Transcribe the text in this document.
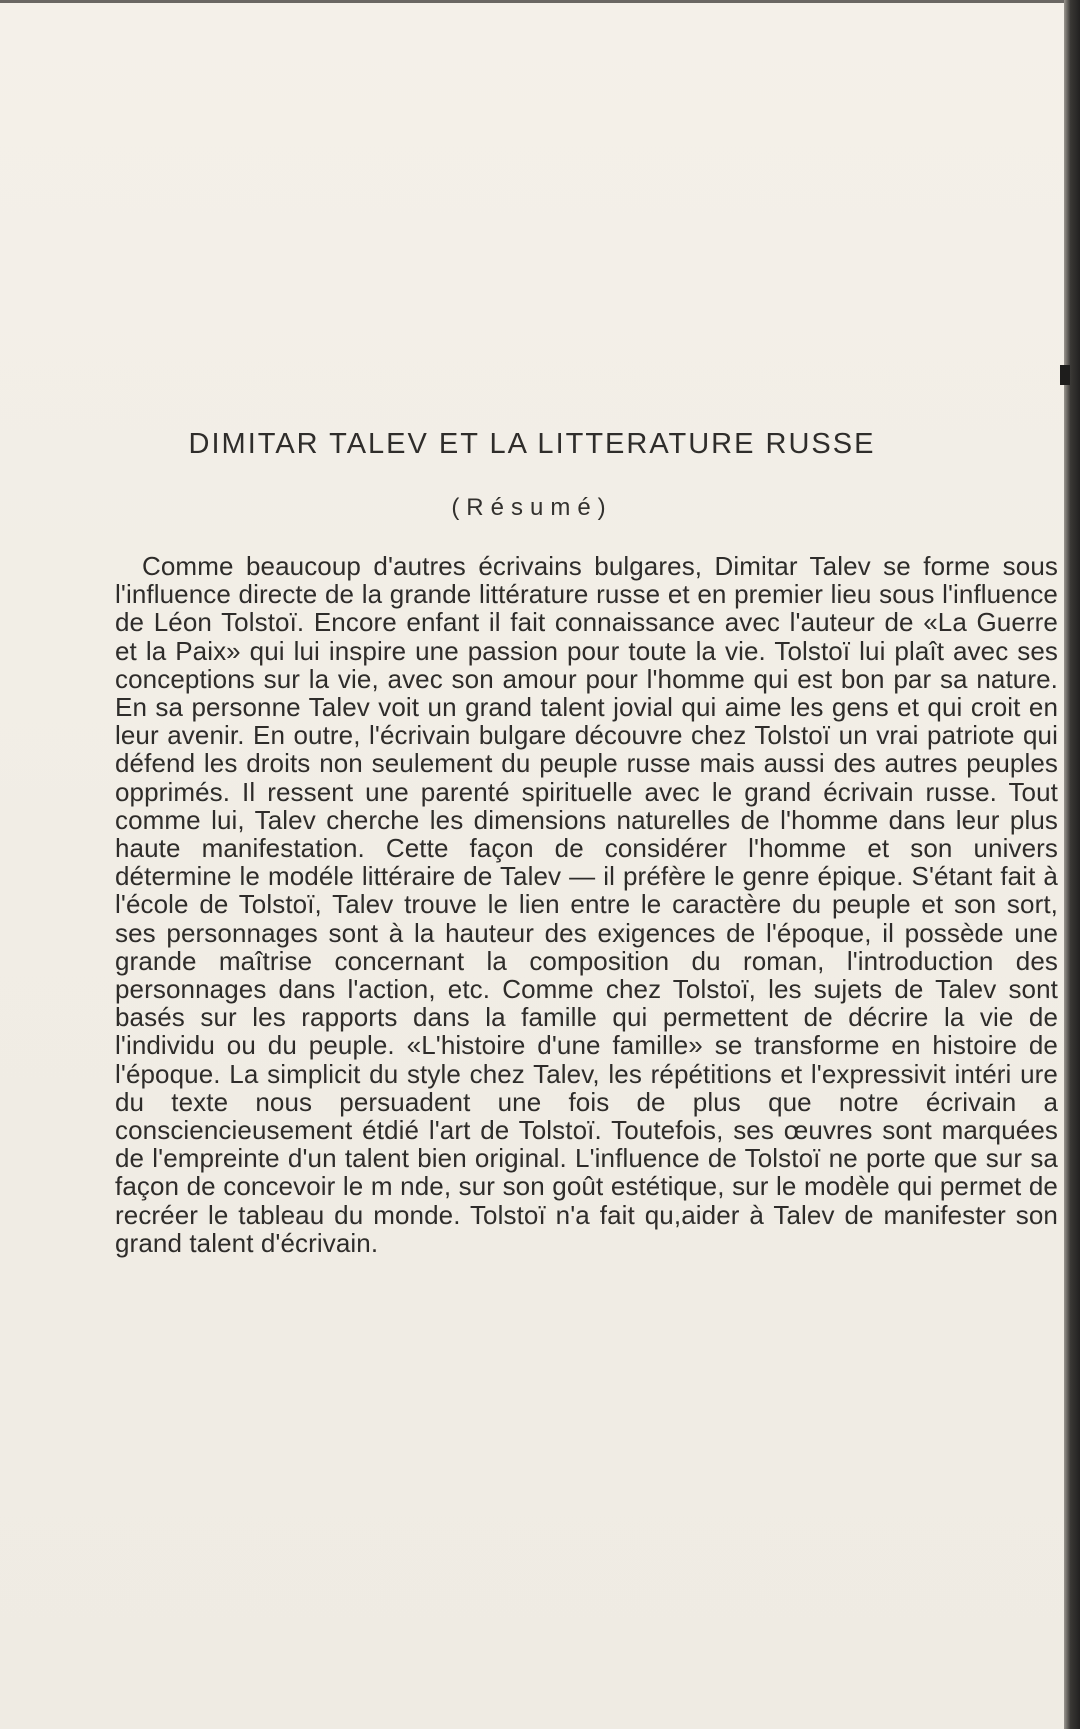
DIMITAR TALEV ET LA LITTERATURE RUSSE
(Résumé)

Comme beaucoup d'autres écrivains bulgares, Dimitar Talev se forme sous l'influence directe de la grande littérature russe et en premier lieu sous l'influence de Léon Tolstoï. Encore enfant il fait connaissance avec l'auteur de «La Guerre et la Paix» qui lui inspire une passion pour toute la vie. Tolstoï lui plaît avec ses conceptions sur la vie, avec son amour pour l'homme qui est bon par sa nature. En sa personne Talev voit un grand talent jovial qui aime les gens et qui croit en leur avenir. En outre, l'écrivain bulgare découvre chez Tolstoï un vrai patriote qui défend les droits non seulement du peuple russe mais aussi des autres peuples opprimés. Il ressent une parenté spirituelle avec le grand écrivain russe. Tout comme lui, Talev cherche les dimensions naturelles de l'homme dans leur plus haute manifestation. Cette façon de considérer l'homme et son univers détermine le modéle littéraire de Talev — il préfère le genre épique. S'étant fait à l'école de Tolstoï, Talev trouve le lien entre le caractère du peuple et son sort, ses personnages sont à la hauteur des exigences de l'époque, il possède une grande maîtrise concernant la composition du roman, l'introduction des personnages dans l'action, etc. Comme chez Tolstoï, les sujets de Talev sont basés sur les rapports dans la famille qui permettent de décrire la vie de l'individu ou du peuple. «L'histoire d'une famille» se transforme en histoire de l'époque. La simplicit du style chez Talev, les répétitions et l'expressivit intéri ure du texte nous persuadent une fois de plus que notre écrivain a consciencieusement étdié l'art de Tolstoï. Toutefois, ses œuvres sont marquées de l'empreinte d'un talent bien original. L'influence de Tolstoï ne porte que sur sa façon de concevoir le m nde, sur son goût estétique, sur le modèle qui permet de recréer le tableau du monde. Tolstoï n'a fait qu,aider à Talev de manifester son grand talent d'écrivain.
